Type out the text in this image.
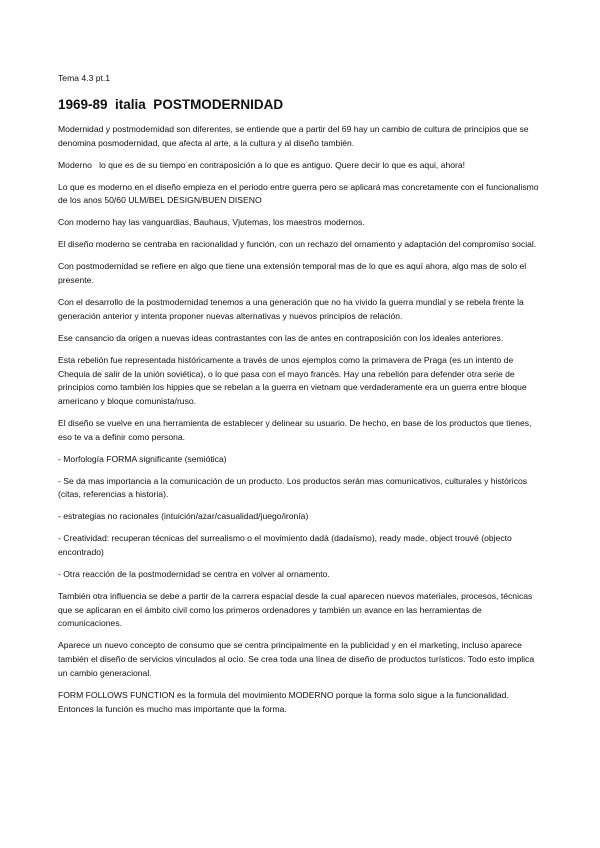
Tema 4.3 pt.1

1969-89  italia  POSTMODERNIDAD

Modernidad y postmodernidad son diferentes, se entiende que a partir del 69 hay un cambio de cultura de principios que se denomina posmodernidad, que afecta al arte, a la cultura y al diseño también.

Moderno   lo que es de su tiempo en contraposición a lo que es antiguo. Quere decir lo que es aqui, ahora!

Lo que es moderno en el diseño empieza en el periodo entre guerra pero se aplicará mas concretamente con el funcionalismo de los anos 50/60 ULM/BEL DESIGN/BUEN DISENO

Con moderno hay las vanguardias, Bauhaus, Vjutemas, los maestros modernos.

El diseño moderno se centraba en racionalidad y función, con un rechazo del ornamento y adaptación del compromiso social.

Con postmodernidad se refiere en algo que tiene una extensión temporal mas de lo que es aquí ahora, algo mas de solo el presente.

Con el desarrollo de la postmodernidad tenemos a una generación que no ha vivido la guerra mundial y se rebela frente la generación anterior y intenta proponer nuevas alternativas y nuevos principios de relación.

Ese cansancio da origen a nuevas ideas contrastantes con las de antes en contraposición con los ideales anteriores.

Esta rebelión fue representada históricamente a través de unos ejemplos como la primavera de Praga (es un intento de Chequia de salir de la unión soviética), o lo que pasa con el mayo francés. Hay una rebelión para defender otra serie de principios como también los hippies que se rebelan a la guerra en vietnam que verdaderamente era un guerra entre bloque americano y bloque comunista/ruso.

El diseño se vuelve en una herramienta de establecer y delinear su usuario. De hecho, en base de los productos que tienes, eso te va a definir como persona.

- Morfología FORMA significante (semiótica)

- Se da mas importancia a la comunicación de un producto. Los productos serán mas comunicativos, culturales y históricos (citas, referencias a historia).

- estrategias no racionales (intuición/azar/casualidad/juego/ironía)

- Creatividad: recuperan técnicas del surrealismo o el movimiento dadà (dadaísmo), ready made, object trouvé (objecto encontrado)

- Otra reacción de la postmodernidad se centra en volver al ornamento.

También otra influencia se debe a partir de la carrera espacial desde la cual aparecen nuevos materiales, procesos, técnicas que se aplicaran en el ámbito civil como los primeros ordenadores y también un avance en las herramientas de comunicaciones.

Aparece un nuevo concepto de consumo que se centra principalmente en la publicidad y en el marketing, incluso aparece también el diseño de servicios vinculados al ocio. Se crea toda una línea de diseño de productos turísticos. Todo esto implica un cambio generacional.

FORM FOLLOWS FUNCTION es la formula del movimiento MODERNO porque la forma solo sigue a la funcionalidad. Entonces la función es mucho mas importante que la forma.
